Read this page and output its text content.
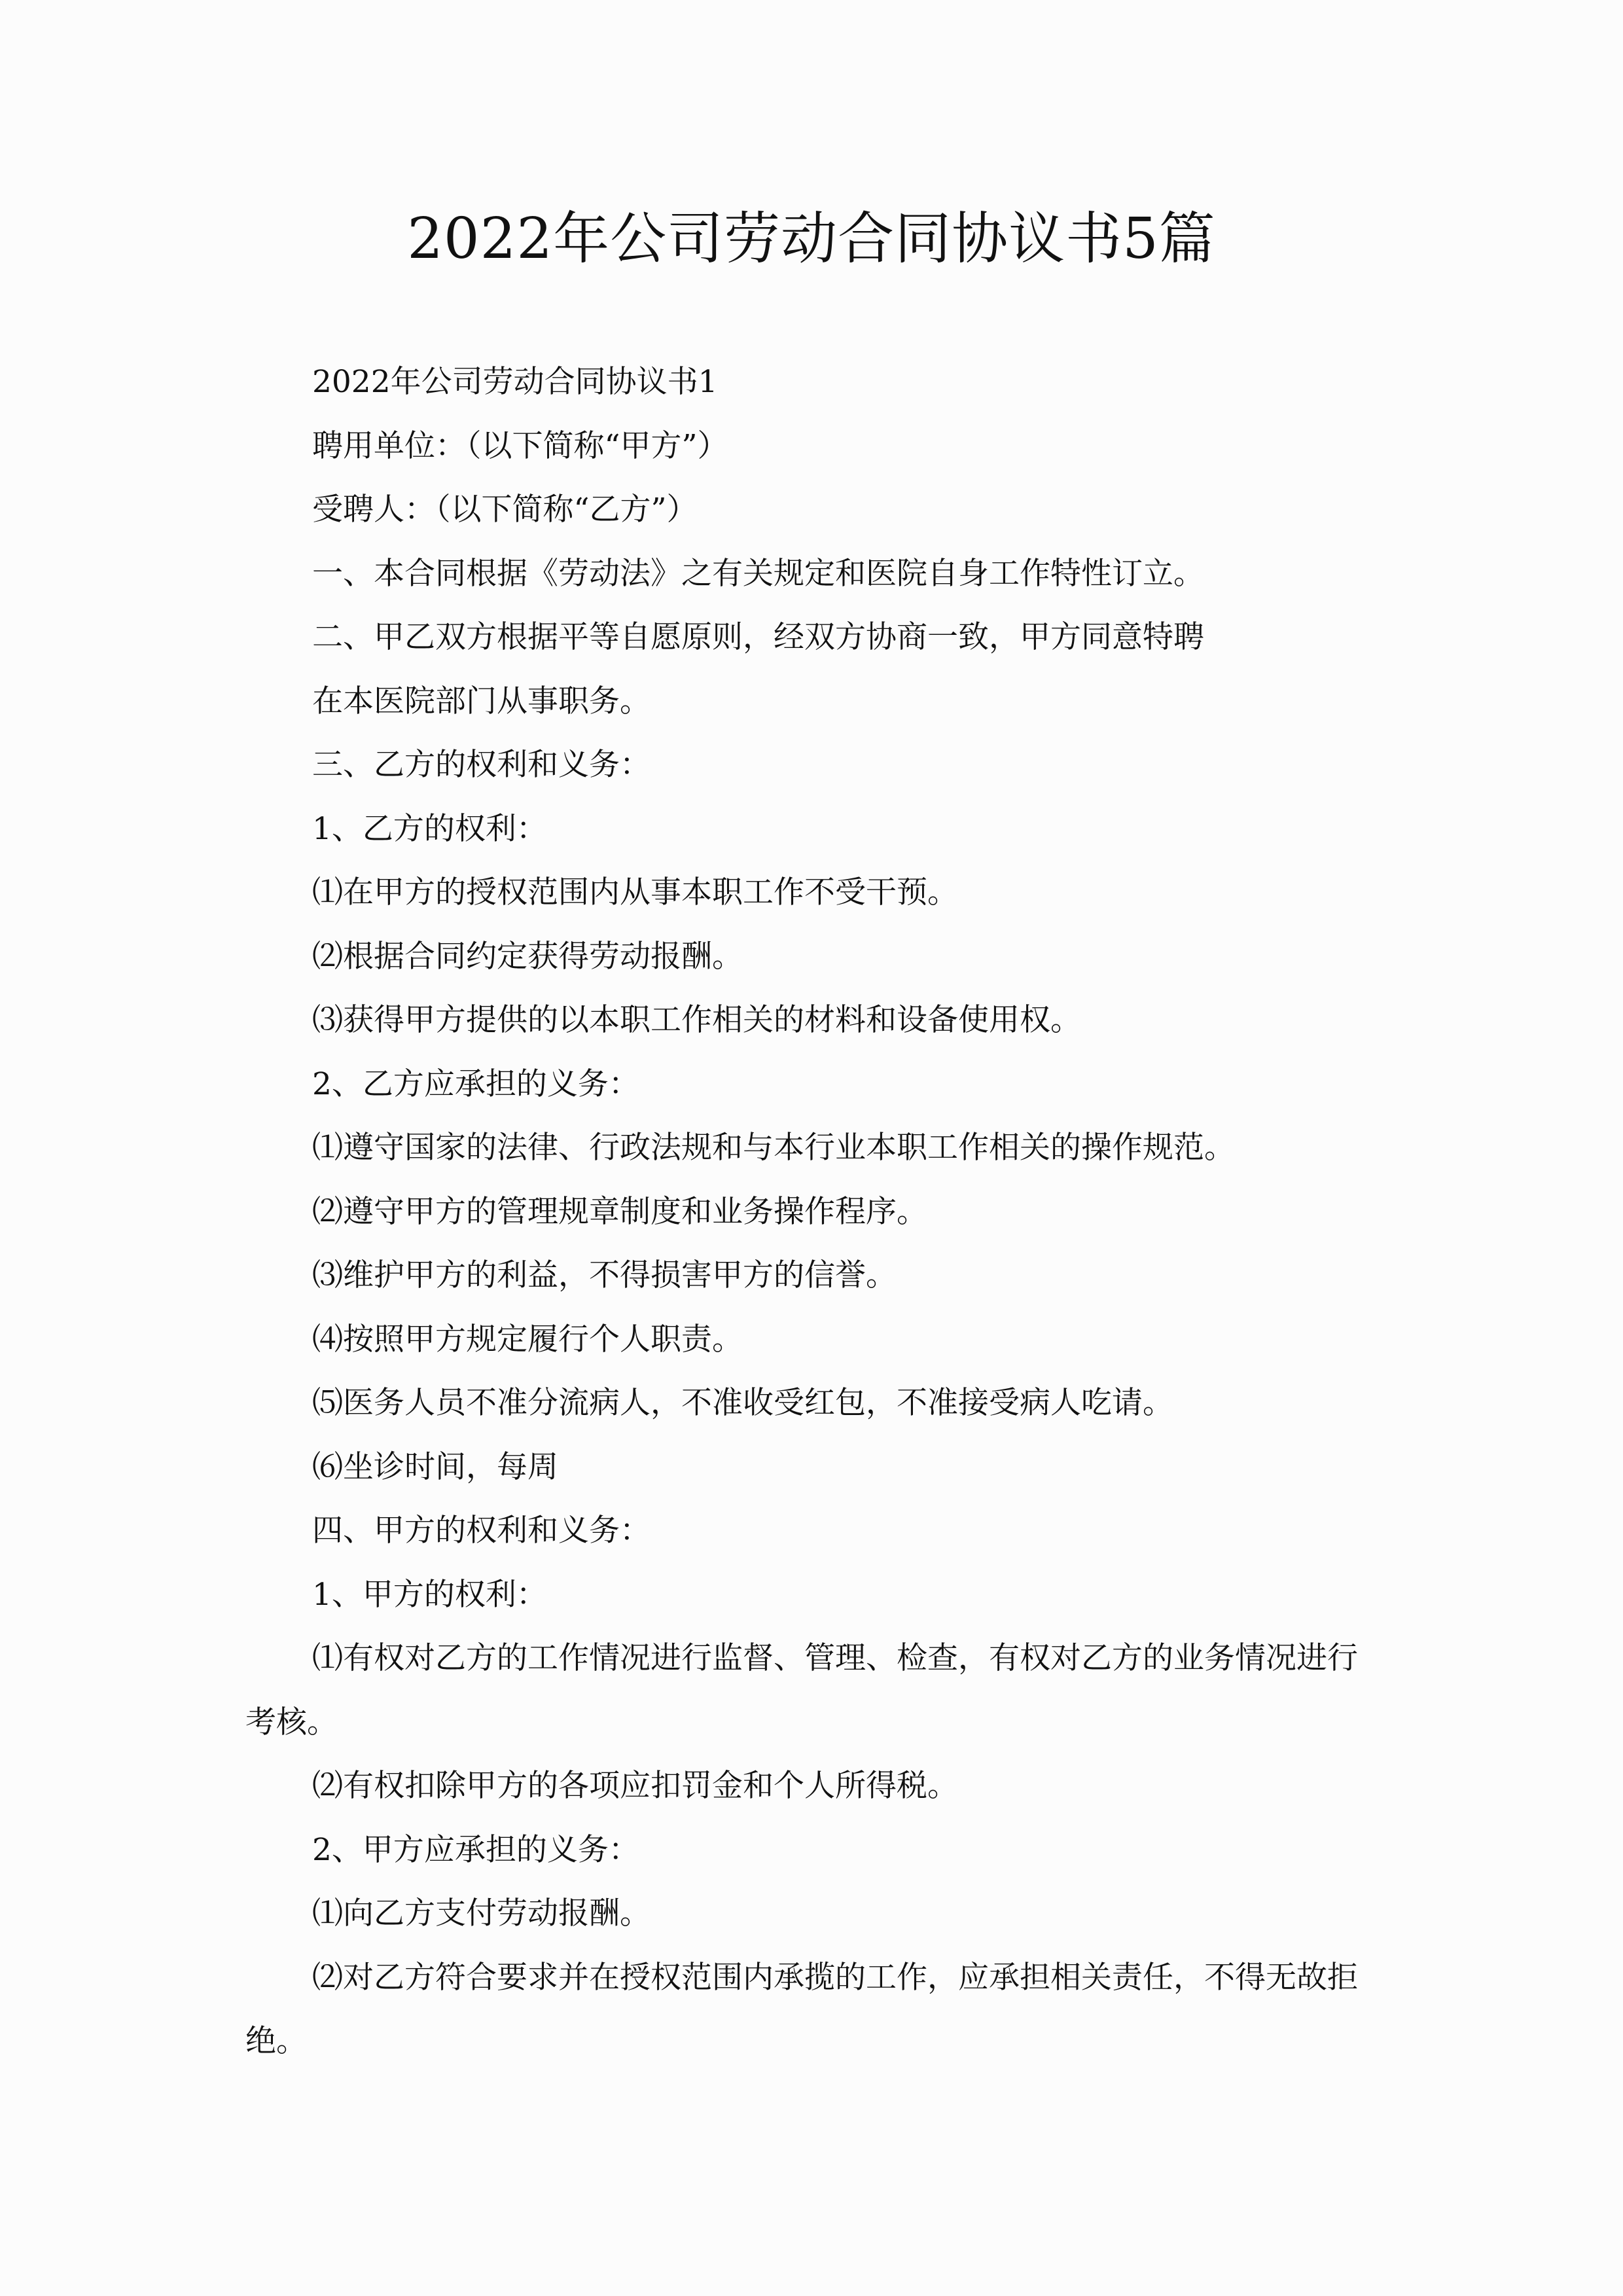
2022年公司劳动合同协议书5篇

2022年公司劳动合同协议书1

聘用单位：（以下简称“甲方”）

受聘人：（以下简称“乙方”）

一、本合同根据《劳动法》之有关规定和医院自身工作特性订立。

二、甲乙双方根据平等自愿原则，经双方协商一致，甲方同意特聘

在本医院部门从事职务。

三、乙方的权利和义务：

1、乙方的权利：

⑴在甲方的授权范围内从事本职工作不受干预。

⑵根据合同约定获得劳动报酬。

⑶获得甲方提供的以本职工作相关的材料和设备使用权。

2、乙方应承担的义务：

⑴遵守国家的法律、行政法规和与本行业本职工作相关的操作规范。

⑵遵守甲方的管理规章制度和业务操作程序。

⑶维护甲方的利益，不得损害甲方的信誉。

⑷按照甲方规定履行个人职责。

⑸医务人员不准分流病人，不准收受红包，不准接受病人吃请。

⑹坐诊时间，每周

四、甲方的权利和义务：

1、甲方的权利：

⑴有权对乙方的工作情况进行监督、管理、检查，有权对乙方的业务情况进行考核。

⑵有权扣除甲方的各项应扣罚金和个人所得税。

2、甲方应承担的义务：

⑴向乙方支付劳动报酬。

⑵对乙方符合要求并在授权范围内承揽的工作，应承担相关责任，不得无故拒绝。
